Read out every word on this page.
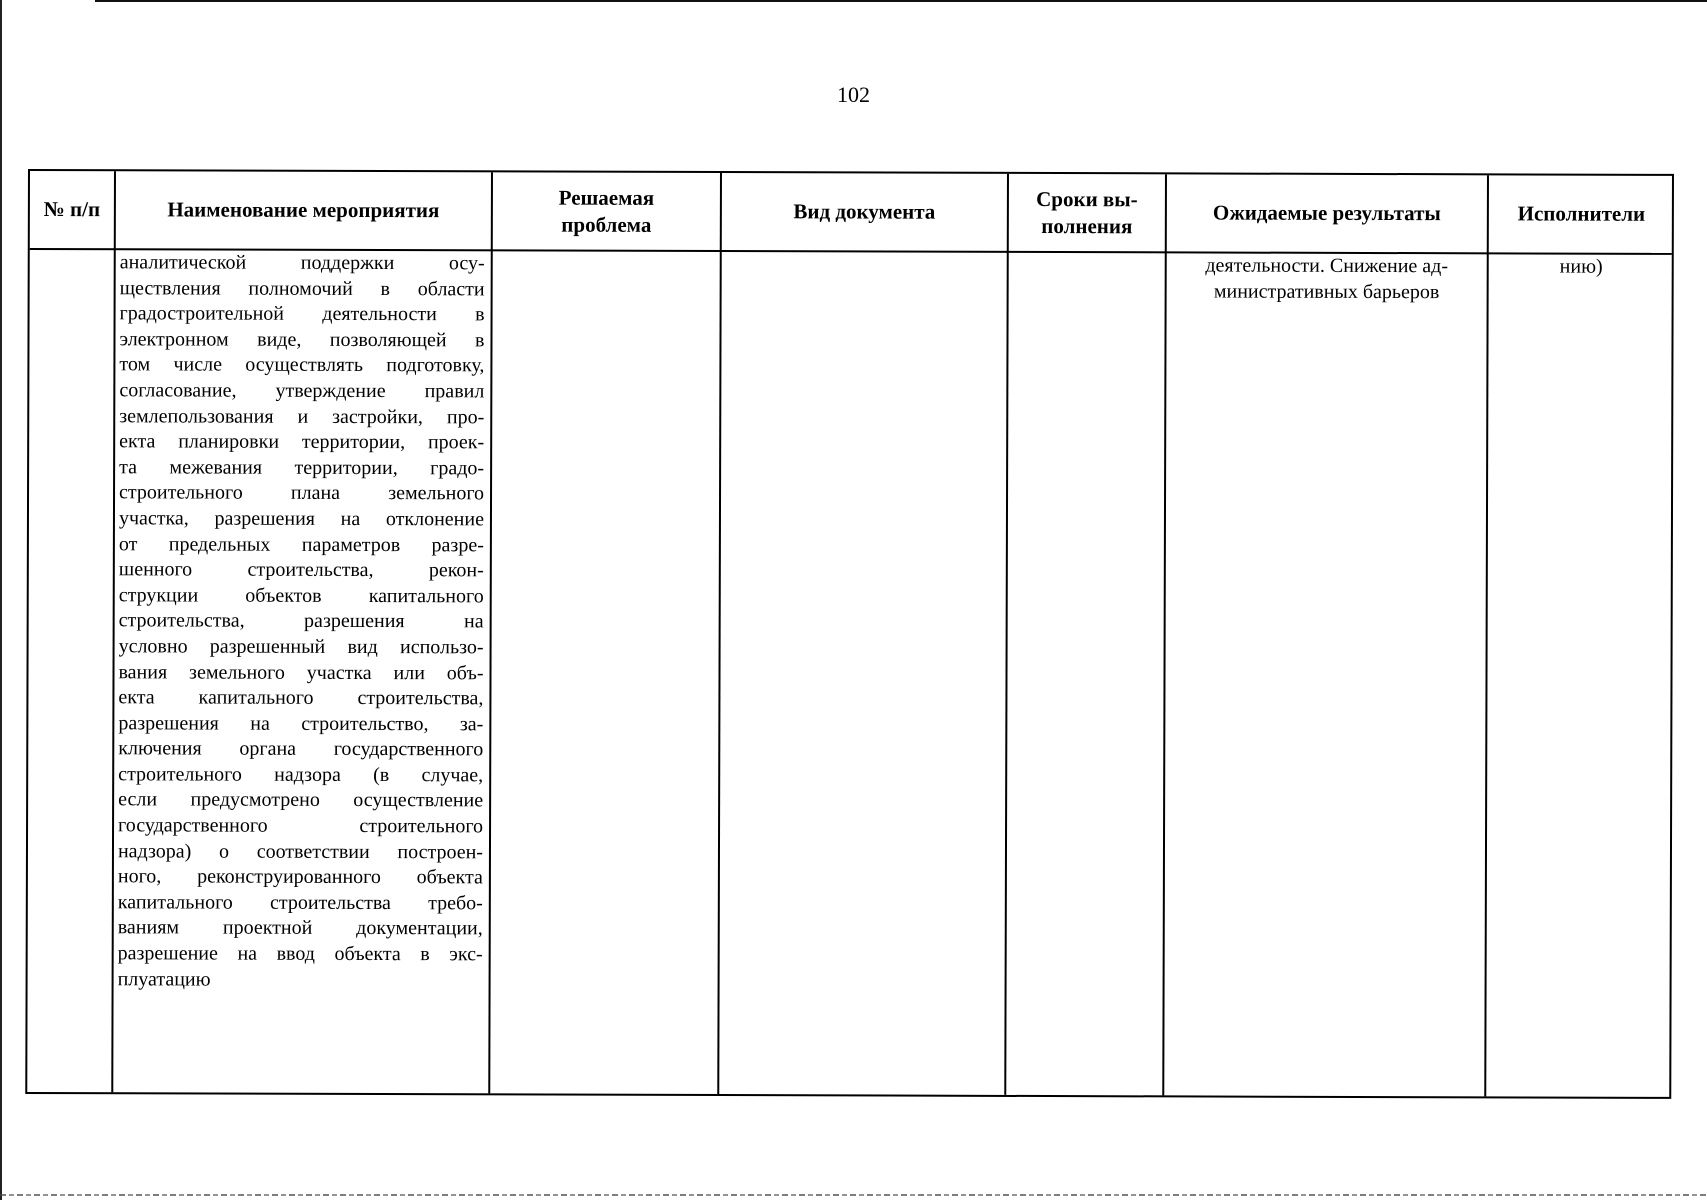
102
№ п/п	Наименование мероприятия
Решаемая проблема
Вид документа
Сроки вы-полнения
Ожидаемые результаты	Исполнители
аналитической поддержки осу-
ществления полномочий в области
градостроительной деятельности в
электронном виде, позволяющей в
том числе осуществлять подготовку,
согласование, утверждение правил
землепользования и застройки, про-
екта планировки территории, проек-
та межевания территории, градо-
строительного плана земельного
участка, разрешения на отклонение
от предельных параметров разре-
шенного строительства, рекон-
струкции объектов капитального
строительства, разрешения на
условно разрешенный вид использо-
вания земельного участка или объ-
екта капитального строительства,
разрешения на строительство, за-
ключения органа государственного
строительного надзора (в случае,
если предусмотрено осуществление
государственного строительного
надзора) о соответствии построен-
ного, реконструированного объекта
капитального строительства требо-
ваниям проектной документации,
разрешение на ввод объекта в экс-
плуатацию
деятельности. Снижение ад-
министративных барьеров
нию)
